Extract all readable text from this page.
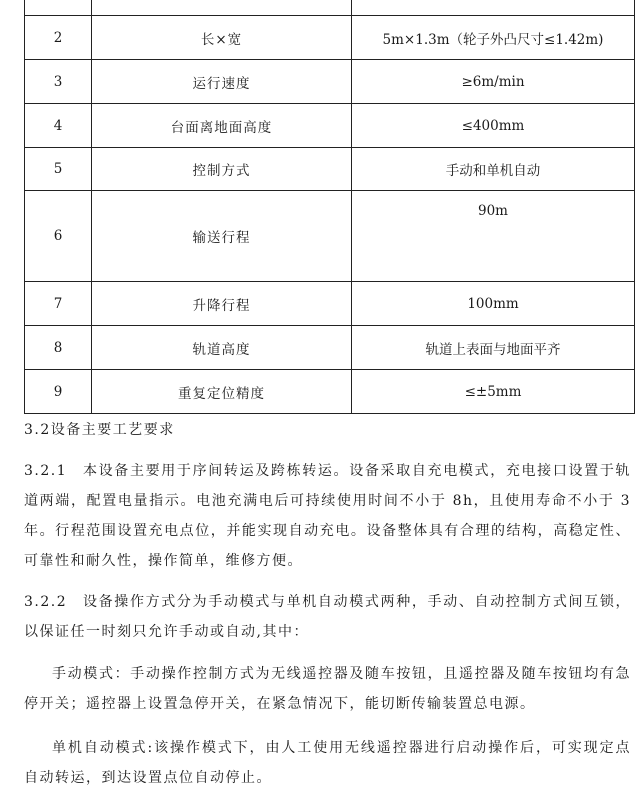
2	长×宽	5m×1.3m（轮子外凸尺寸≤1.42m)
3	运行速度	≥6m/min
4	台面离地面高度	≤400mm
5	控制方式	手动和单机自动
6	输送行程	90m
7	升降行程	100mm
8	轨道高度	轨道上表面与地面平齐
9	重复定位精度	≤±5mm

3.2设备主要工艺要求

3.2.1　本设备主要用于序间转运及跨栋转运。设备采取自充电模式，充电接口设置于轨道两端，配置电量指示。电池充满电后可持续使用时间不小于 8h，且使用寿命不小于 3 年。行程范围设置充电点位，并能实现自动充电。设备整体具有合理的结构，高稳定性、可靠性和耐久性，操作简单，维修方便。

3.2.2　设备操作方式分为手动模式与单机自动模式两种，手动、自动控制方式间互锁，以保证任一时刻只允许手动或自动,其中：

手动模式：手动操作控制方式为无线遥控器及随车按钮，且遥控器及随车按钮均有急停开关；遥控器上设置急停开关，在紧急情况下，能切断传输装置总电源。

单机自动模式:该操作模式下，由人工使用无线遥控器进行启动操作后，可实现定点自动转运，到达设置点位自动停止。
